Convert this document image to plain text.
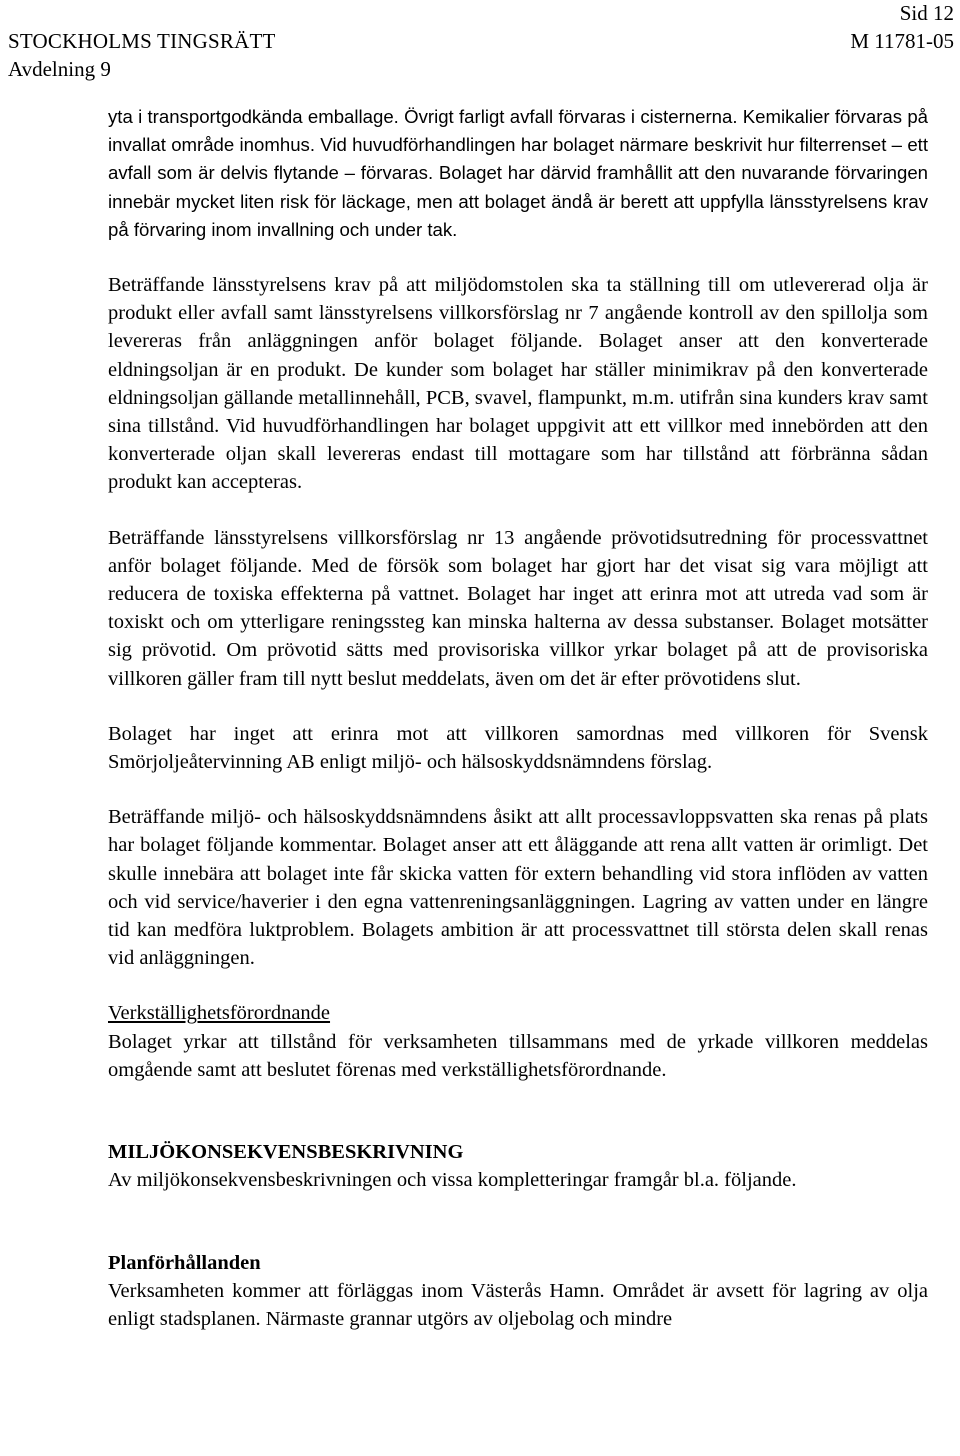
Sid 12
STOCKHOLMS TINGSRÄTT	M 11781-05
Avdelning 9

yta i transportgodkända emballage. Övrigt farligt avfall förvaras i cisternerna. Kemikalier förvaras på invallat område inomhus. Vid huvudförhandlingen har bolaget närmare beskrivit hur filterrenset – ett avfall som är delvis flytande – förvaras. Bolaget har därvid framhållit att den nuvarande förvaringen innebär mycket liten risk för läckage, men att bolaget ändå är berett att uppfylla länsstyrelsens krav på förvaring inom invallning och under tak.

Beträffande länsstyrelsens krav på att miljödomstolen ska ta ställning till om utlevererad olja är produkt eller avfall samt länsstyrelsens villkorsförslag nr 7 angående kontroll av den spillolja som levereras från anläggningen anför bolaget följande. Bolaget anser att den konverterade eldningsoljan är en produkt. De kunder som bolaget har ställer minimikrav på den konverterade eldningsoljan gällande metallinnehåll, PCB, svavel, flampunkt, m.m. utifrån sina kunders krav samt sina tillstånd. Vid huvudförhandlingen har bolaget uppgivit att ett villkor med innebörden att den konverterade oljan skall levereras endast till mottagare som har tillstånd att förbränna sådan produkt kan accepteras.

Beträffande länsstyrelsens villkorsförslag nr 13 angående prövotidsutredning för processvattnet anför bolaget följande. Med de försök som bolaget har gjort har det visat sig vara möjligt att reducera de toxiska effekterna på vattnet. Bolaget har inget att erinra mot att utreda vad som är toxiskt och om ytterligare reningssteg kan minska halterna av dessa substanser. Bolaget motsätter sig prövotid. Om prövotid sätts med provisoriska villkor yrkar bolaget på att de provisoriska villkoren gäller fram till nytt beslut meddelats, även om det är efter prövotidens slut.

Bolaget har inget att erinra mot att villkoren samordnas med villkoren för Svensk Smörjoljeåtervinning AB enligt miljö- och hälsoskyddsnämndens förslag.

Beträffande miljö- och hälsoskyddsnämndens åsikt att allt processavloppsvatten ska renas på plats har bolaget följande kommentar. Bolaget anser att ett åläggande att rena allt vatten är orimligt. Det skulle innebära att bolaget inte får skicka vatten för extern behandling vid stora inflöden av vatten och vid service/haverier i den egna vattenreningsanläggningen. Lagring av vatten under en längre tid kan medföra luktproblem. Bolagets ambition är att processvattnet till största delen skall renas vid anläggningen.

Verkställighetsförordnande

Bolaget yrkar att tillstånd för verksamheten tillsammans med de yrkade villkoren meddelas omgående samt att beslutet förenas med verkställighetsförordnande.

MILJÖKONSEKVENSBESKRIVNING

Av miljökonsekvensbeskrivningen och vissa kompletteringar framgår bl.a. följande.

Planförhållanden

Verksamheten kommer att förläggas inom Västerås Hamn. Området är avsett för lagring av olja enligt stadsplanen. Närmaste grannar utgörs av oljebolag och mindre
